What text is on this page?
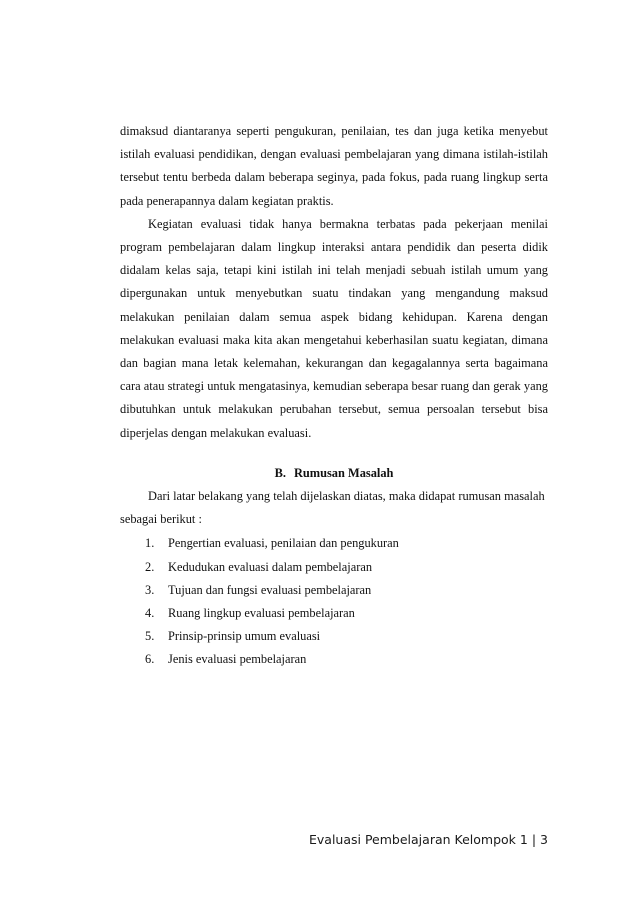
dimaksud diantaranya seperti pengukuran, penilaian, tes dan juga ketika menyebut istilah evaluasi pendidikan, dengan evaluasi pembelajaran yang dimana istilah-istilah tersebut tentu berbeda dalam beberapa seginya, pada fokus, pada ruang lingkup serta pada penerapannya dalam kegiatan praktis.

Kegiatan evaluasi tidak hanya bermakna terbatas pada pekerjaan menilai program pembelajaran dalam lingkup interaksi antara pendidik dan peserta didik didalam kelas saja, tetapi kini istilah ini telah menjadi sebuah istilah umum yang dipergunakan untuk menyebutkan suatu tindakan yang mengandung maksud melakukan penilaian dalam semua aspek bidang kehidupan. Karena dengan melakukan evaluasi maka kita akan mengetahui keberhasilan suatu kegiatan, dimana dan bagian mana letak kelemahan, kekurangan dan kegagalannya serta bagaimana cara atau strategi untuk mengatasinya, kemudian seberapa besar ruang dan gerak yang dibutuhkan untuk melakukan perubahan tersebut, semua persoalan tersebut bisa diperjelas dengan melakukan evaluasi.

B. Rumusan Masalah

Dari latar belakang yang telah dijelaskan diatas, maka didapat rumusan masalah sebagai berikut :

1. Pengertian evaluasi, penilaian dan pengukuran
2. Kedudukan evaluasi dalam pembelajaran
3. Tujuan dan fungsi evaluasi pembelajaran
4. Ruang lingkup evaluasi pembelajaran
5. Prinsip-prinsip umum evaluasi
6. Jenis evaluasi pembelajaran
Evaluasi Pembelajaran Kelompok 1 | 3
